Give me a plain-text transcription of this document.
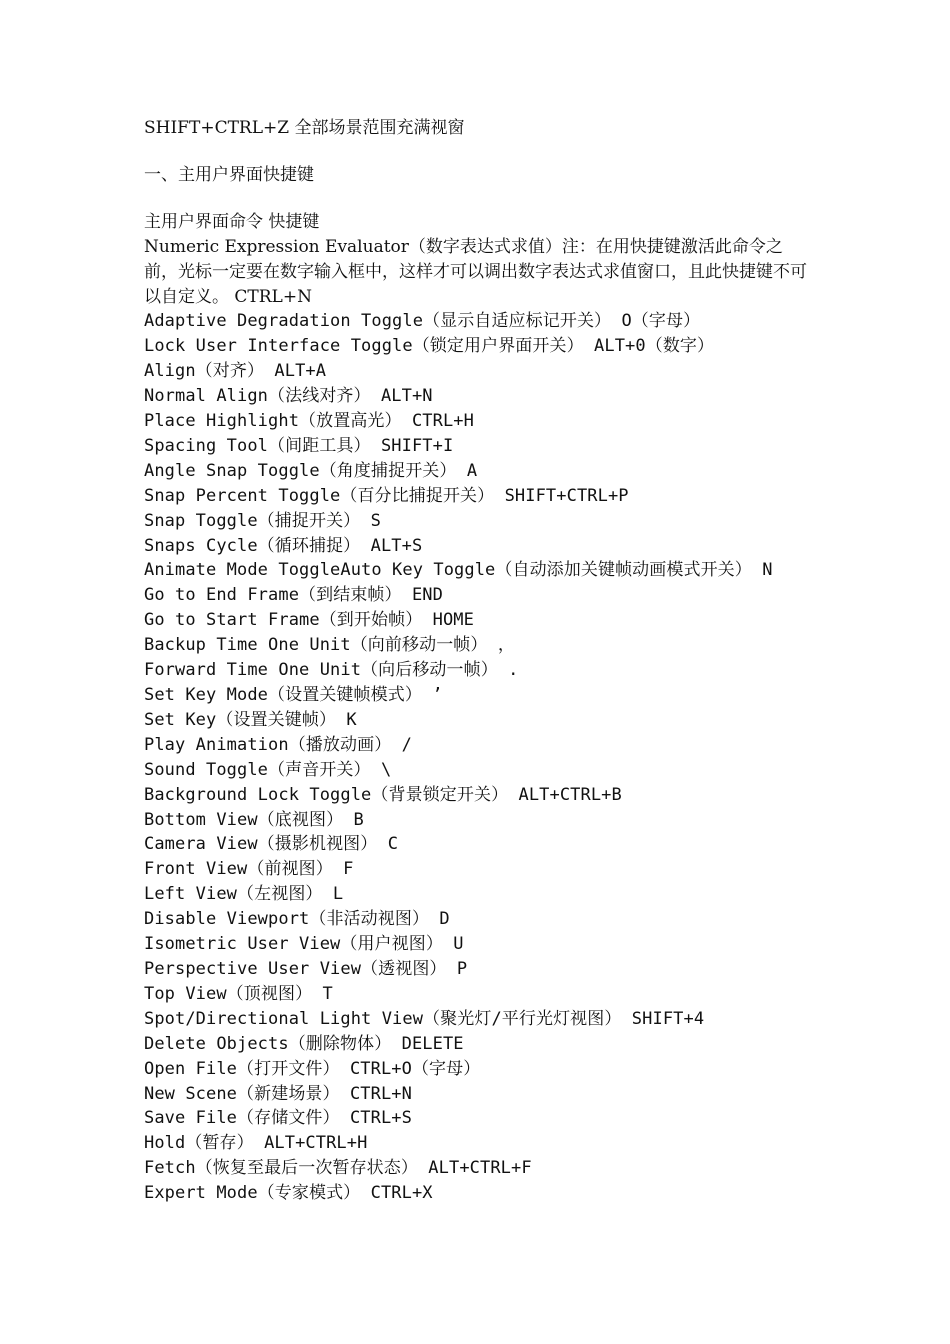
SHIFT+CTRL+Z 全部场景范围充满视窗
一、主用户界面快捷键
主用户界面命令 快捷键
Numeric Expression Evaluator（数字表达式求值）注：在用快捷键激活此命令之前，光标一定要在数字输入框中，这样才可以调出数字表达式求值窗口，且此快捷键不可以自定义。 CTRL+N
Adaptive Degradation Toggle（显示自适应标记开关） O（字母）
Lock User Interface Toggle（锁定用户界面开关） ALT+0（数字）
Align（对齐） ALT+A
Normal Align（法线对齐） ALT+N
Place Highlight（放置高光） CTRL+H
Spacing Tool（间距工具） SHIFT+I
Angle Snap Toggle（角度捕捉开关） A
Snap Percent Toggle（百分比捕捉开关） SHIFT+CTRL+P
Snap Toggle（捕捉开关） S
Snaps Cycle（循环捕捉） ALT+S
Animate Mode ToggleAuto Key Toggle（自动添加关键帧动画模式开关） N
Go to End Frame（到结束帧） END
Go to Start Frame（到开始帧） HOME
Backup Time One Unit（向前移动一帧） ，
Forward Time One Unit（向后移动一帧） .
Set Key Mode（设置关键帧模式） ’
Set Key（设置关键帧） K
Play Animation（播放动画） /
Sound Toggle（声音开关） \
Background Lock Toggle（背景锁定开关） ALT+CTRL+B
Bottom View（底视图） B
Camera View（摄影机视图） C
Front View（前视图） F
Left View（左视图） L
Disable Viewport（非活动视图） D
Isometric User View（用户视图） U
Perspective User View（透视图） P
Top View（顶视图） T
Spot/Directional Light View（聚光灯/平行光灯视图） SHIFT+4
Delete Objects（删除物体） DELETE
Open File（打开文件） CTRL+O（字母）
New Scene（新建场景） CTRL+N
Save File（存储文件） CTRL+S
Hold（暂存） ALT+CTRL+H
Fetch（恢复至最后一次暂存状态） ALT+CTRL+F
Expert Mode（专家模式） CTRL+X
